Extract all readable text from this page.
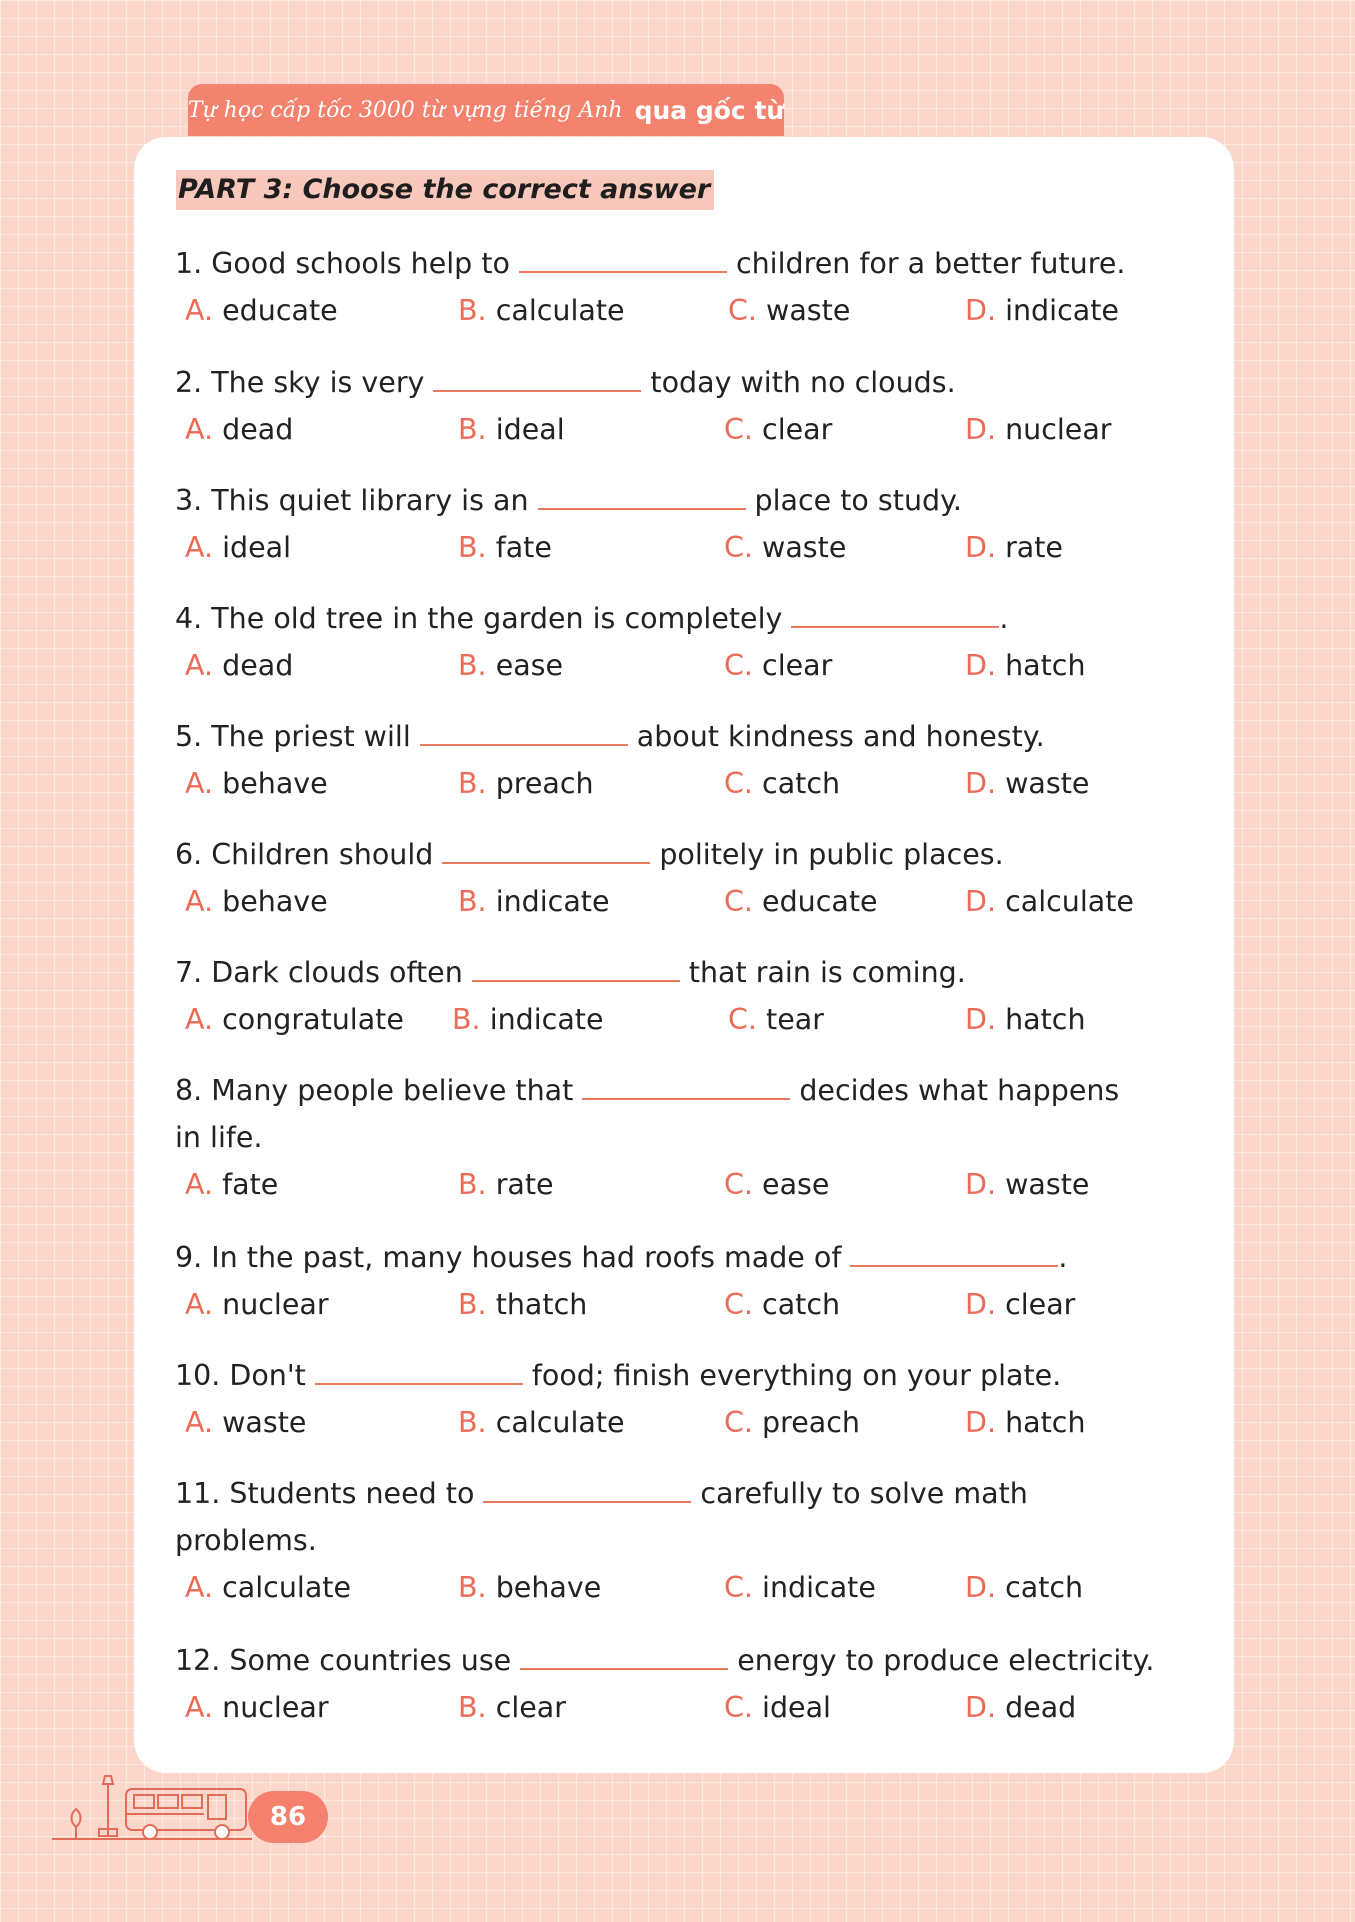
Tự học cấp tốc 3000 từ vựng tiếng Anh qua gốc từ
PART 3: Choose the correct answer
1. Good schools help to	children for a better future.
A. educate	B. calculate	C. waste	D. indicate
2. The sky is very	today with no clouds.
A. dead	B. ideal	C. clear	D. nuclear
3. This quiet library is an	place to study.
A. ideal	B. fate	C. waste	D. rate
4. The old tree in the garden is completely	.
A. dead	B. ease	C. clear	D. hatch
5. The priest will	about kindness and honesty.
A. behave	B. preach	C. catch	D. waste
6. Children should	politely in public places.
A. behave	B. indicate	C. educate	D. calculate
7. Dark clouds often	that rain is coming.
A. congratulate B. indicate	C. tear	D. hatch
8. Many people believe that	decides what happens
in life.
A. fate	B. rate	C. ease	D. waste
9. In the past, many houses had roofs made of	.
A. nuclear	B. thatch	C. catch	D. clear
10. Don't	food; finish everything on your plate.
A. waste	B. calculate	C. preach	D. hatch
11. Students need to	carefully to solve math
problems.
A. calculate	B. behave	C. indicate	D. catch
12. Some countries use	energy to produce electricity.
A. nuclear	B. clear	C. ideal	D. dead
86
